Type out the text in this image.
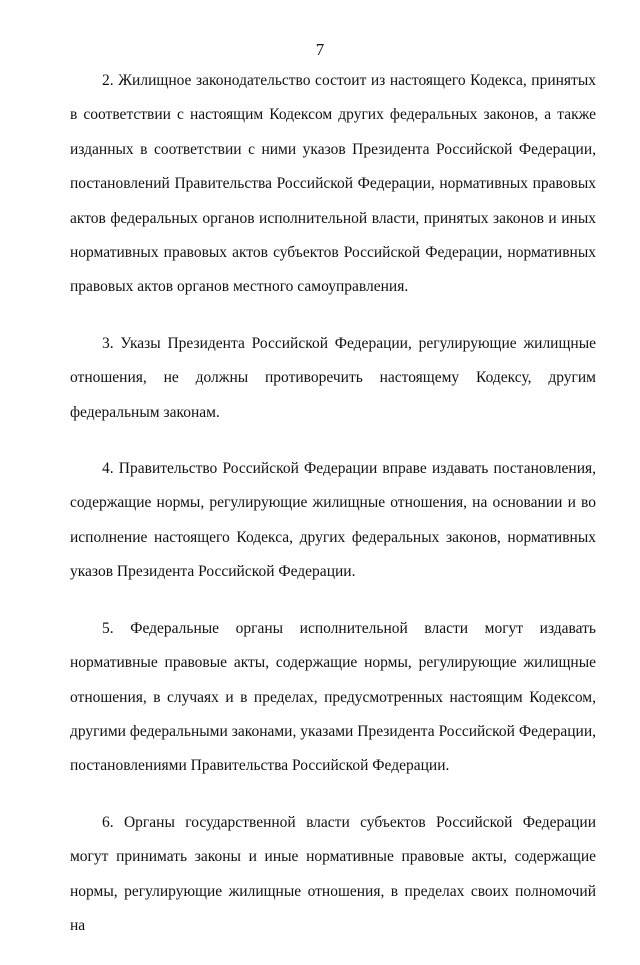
7

2. Жилищное законодательство состоит из настоящего Кодекса, принятых в соответствии с настоящим Кодексом других федеральных законов, а также изданных в соответствии с ними указов Президента Российской Федерации, постановлений Правительства Российской Федерации, нормативных правовых актов федеральных органов исполнительной власти, принятых законов и иных нормативных правовых актов субъектов Российской Федерации, нормативных правовых актов органов местного самоуправления.

3. Указы Президента Российской Федерации, регулирующие жилищные отношения, не должны противоречить настоящему Кодексу, другим федеральным законам.

4. Правительство Российской Федерации вправе издавать постановления, содержащие нормы, регулирующие жилищные отношения, на основании и во исполнение настоящего Кодекса, других федеральных законов, нормативных указов Президента Российской Федерации.

5. Федеральные органы исполнительной власти могут издавать нормативные правовые акты, содержащие нормы, регулирующие жилищные отношения, в случаях и в пределах, предусмотренных настоящим Кодексом, другими федеральными законами, указами Президента Российской Федерации, постановлениями Правительства Российской Федерации.

6. Органы государственной власти субъектов Российской Федерации могут принимать законы и иные нормативные правовые акты, содержащие нормы, регулирующие жилищные отношения, в пределах своих полномочий на
